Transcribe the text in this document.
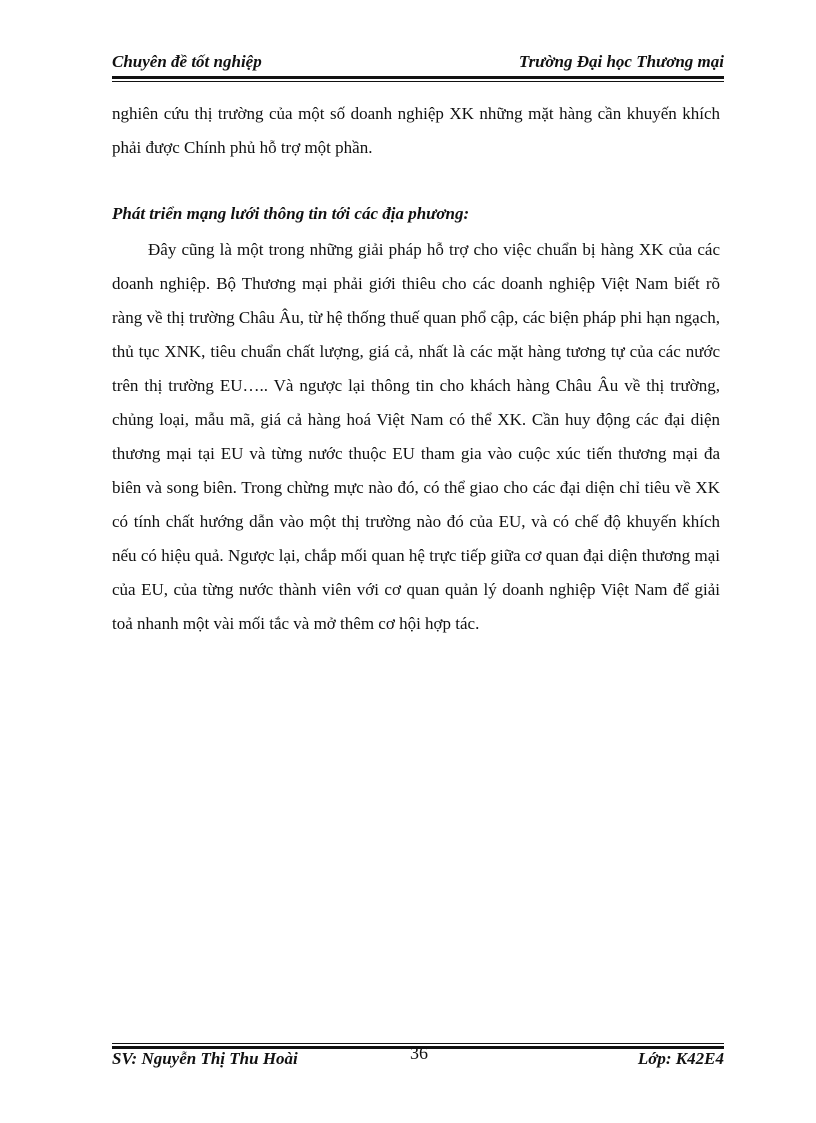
Chuyên đề tốt nghiệp	Trường Đại học Thương mại
nghiên cứu thị trường của một số doanh nghiệp XK những mặt hàng cần khuyến khích phải được Chính phủ hỗ trợ một phần.
Phát triển mạng lưới thông tin tới các địa phương:
Đây cũng là một trong những giải pháp hỗ trợ cho việc chuẩn bị hàng XK của các doanh nghiệp. Bộ Thương mại phải giới thiêu cho các doanh nghiệp Việt Nam biết rõ ràng về thị trường Châu Âu, từ hệ thống thuế quan phổ cập, các biện pháp phi hạn ngạch, thủ tục XNK, tiêu chuẩn chất lượng, giá cả, nhất là các mặt hàng tương tự của các nước trên thị trường EU….. Và ngược lại thông tin cho khách hàng Châu Âu về thị trường, chủng loại, mẫu mã, giá cả hàng hoá Việt Nam có thể XK. Cần huy động các đại diện thương mại tại EU và từng nước thuộc EU tham gia vào cuộc xúc tiến thương mại đa biên và song biên. Trong chừng mực nào đó, có thể giao cho các đại diện chỉ tiêu về XK có tính chất hướng dẫn vào một thị trường nào đó của EU, và có chế độ khuyến khích nếu có hiệu quả. Ngược lại, chắp mối quan hệ trực tiếp giữa cơ quan đại diện thương mại của EU, của từng nước thành viên với cơ quan quản lý doanh nghiệp Việt Nam để giải toả nhanh một vài mối tắc và mở thêm cơ hội hợp tác.
SV: Nguyễn Thị Thu Hoài	36	Lớp: K42E4
